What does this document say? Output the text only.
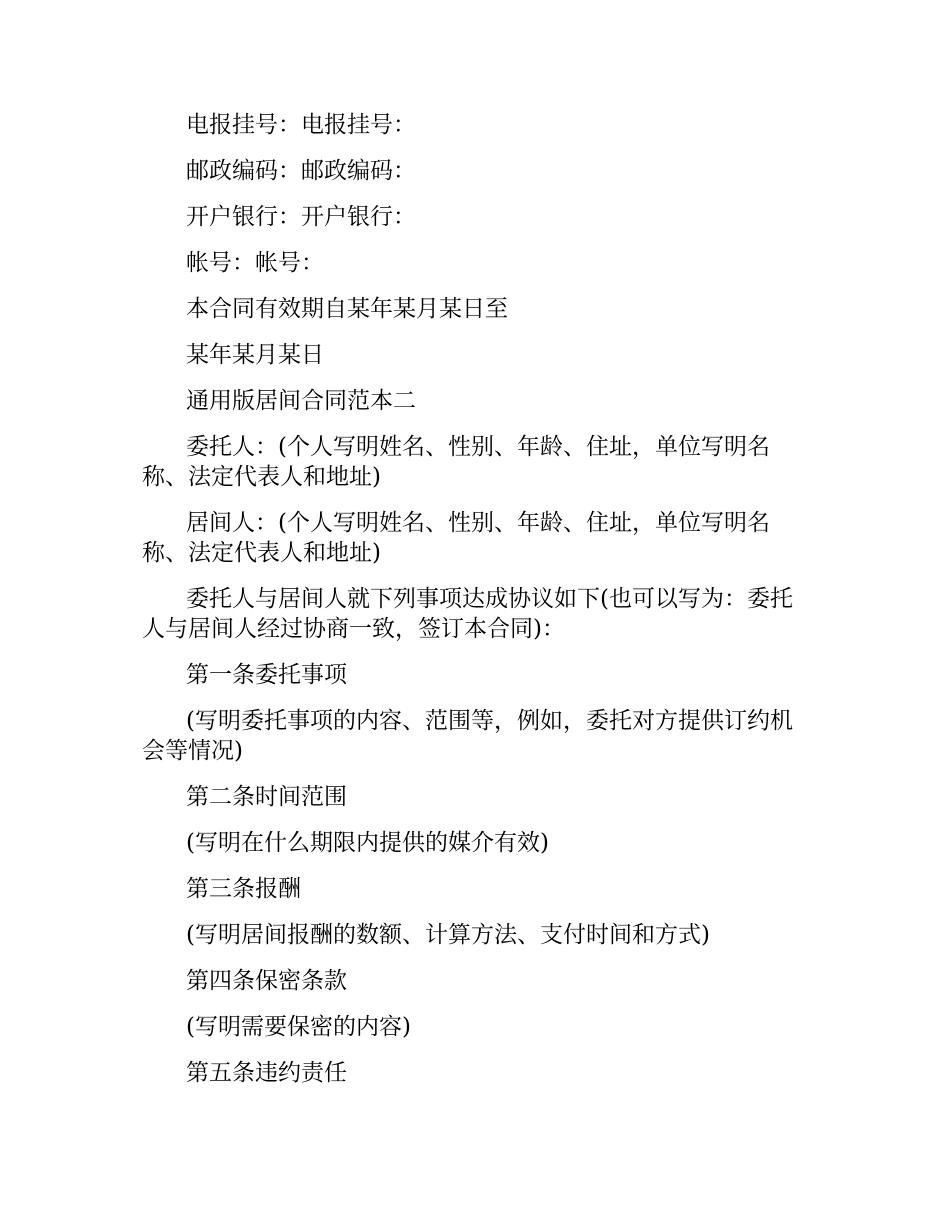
电报挂号：电报挂号：

邮政编码：邮政编码：

开户银行：开户银行：

帐号：帐号：

本合同有效期自某年某月某日至

某年某月某日

通用版居间合同范本二

委托人：(个人写明姓名、性别、年龄、住址，单位写明名称、法定代表人和地址)

居间人：(个人写明姓名、性别、年龄、住址，单位写明名称、法定代表人和地址)

委托人与居间人就下列事项达成协议如下(也可以写为：委托人与居间人经过协商一致，签订本合同)：

第一条委托事项

(写明委托事项的内容、范围等，例如，委托对方提供订约机会等情况)

第二条时间范围

(写明在什么期限内提供的媒介有效)

第三条报酬

(写明居间报酬的数额、计算方法、支付时间和方式)

第四条保密条款

(写明需要保密的内容)

第五条违约责任
